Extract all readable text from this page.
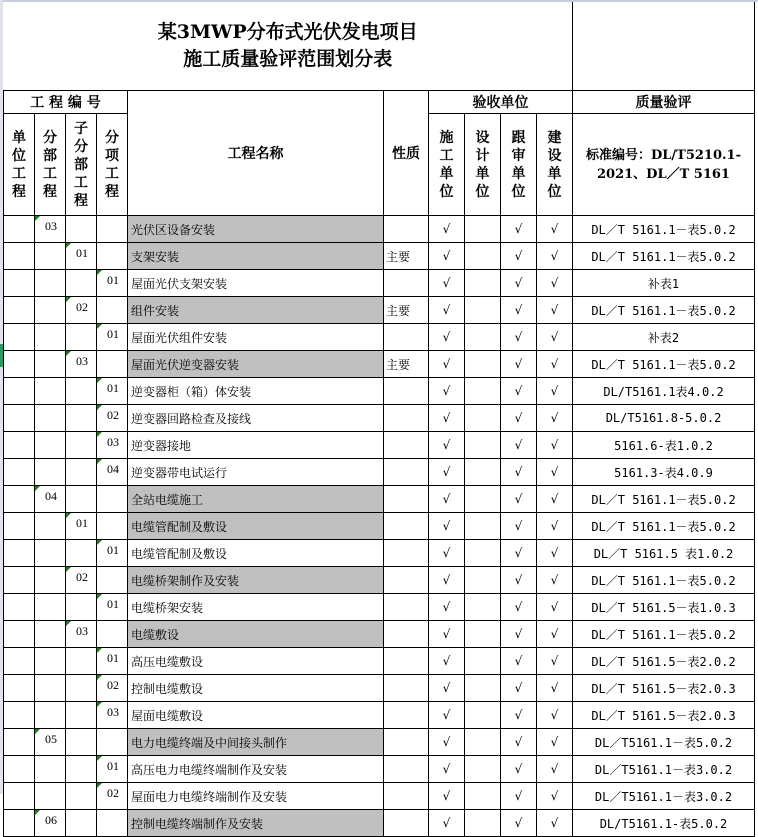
某3MWP分布式光伏发电项目
施工质量验评范围划分表										

工 程 编 号				工程名称	性质	验收单位				质量验评

单位工程	分部工程	子分部工程	分项工程			施工单位	设计单位	跟审单位	建设单位	标准编号：DL/T5210.1-2021、DL／T 5161
	03			光伏区设备安装		√		√	√	DL／T 5161.1－表5.0.2
		01		支架安装	主要	√		√	√	DL／T 5161.1－表5.0.2
			01	屋面光伏支架安装		√		√	√	补表1
		02		组件安装	主要	√		√	√	DL／T 5161.1－表5.0.2
			01	屋面光伏组件安装		√		√	√	补表2
		03		屋面光伏逆变器安装	主要	√		√	√	DL／T 5161.1－表5.0.2
			01	逆变器柜（箱）体安装		√		√	√	DL/T5161.1表4.0.2
			02	逆变器回路检查及接线		√		√	√	DL/T5161.8-5.0.2
			03	逆变器接地		√		√	√	5161.6-表1.0.2
			04	逆变器带电试运行		√		√	√	5161.3-表4.0.9
	04			全站电缆施工		√		√	√	DL／T 5161.1－表5.0.2
		01		电缆管配制及敷设		√		√	√	DL／T 5161.1－表5.0.2
			01	电缆管配制及敷设		√		√	√	DL／T 5161.5 表1.0.2
		02		电缆桥架制作及安装		√		√	√	DL／T 5161.1－表5.0.2
			01	电缆桥架安装		√		√	√	DL／T 5161.5－表1.0.3
		03		电缆敷设		√		√	√	DL／T 5161.1－表5.0.2
			01	高压电缆敷设		√		√	√	DL／T 5161.5－表2.0.2
			02	控制电缆敷设		√		√	√	DL／T 5161.5－表2.0.3
			03	屋面电缆敷设		√		√	√	DL／T 5161.5－表2.0.3
	05			电力电缆终端及中间接头制作		√		√	√	DL／T5161.1－表5.0.2
			01	高压电力电缆终端制作及安装		√		√	√	DL／T5161.1－表3.0.2
			02	屋面电力电缆终端制作及安装		√		√	√	DL／T5161.1－表3.0.2
	06			控制电缆终端制作及安装		√		√	√	DL/T5161.1-表5.0.2
